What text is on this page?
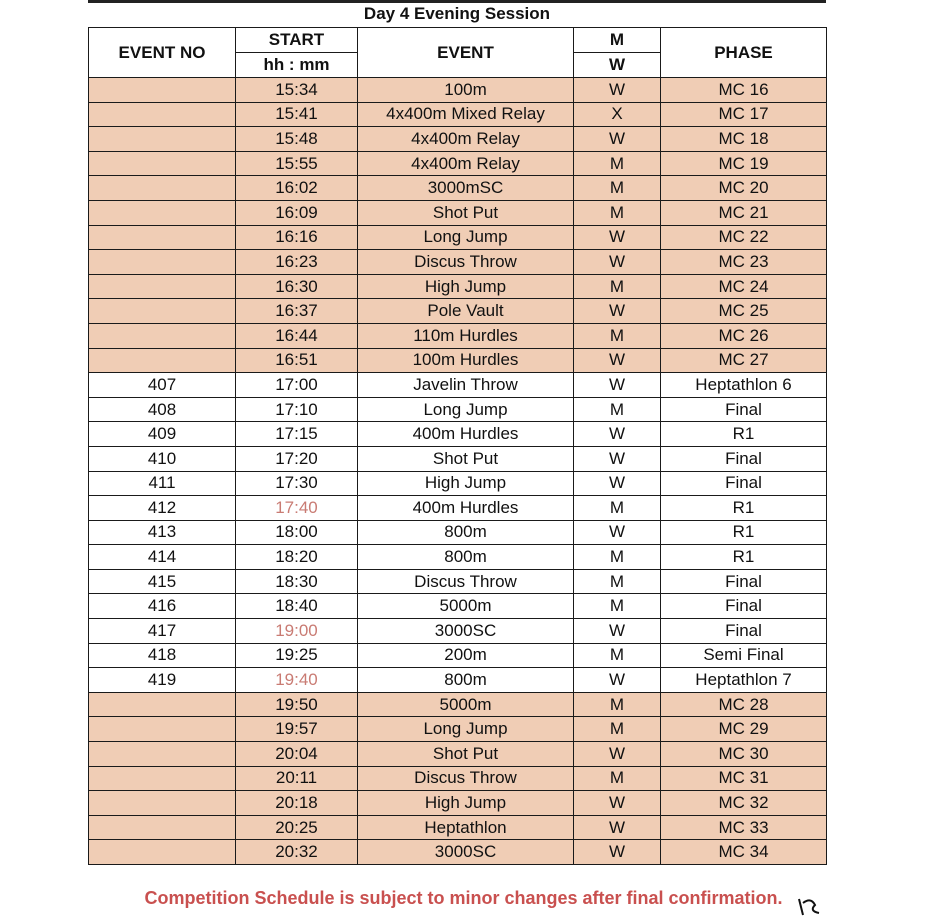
Day 4 Evening Session
EVENT NO	START	EVENT	M	PHASE
	hh : mm		W	
	15:34	100m	W	MC 16
	15:41	4x400m Mixed Relay	X	MC 17
	15:48	4x400m Relay	W	MC 18
	15:55	4x400m Relay	M	MC 19
	16:02	3000mSC	M	MC 20
	16:09	Shot Put	M	MC 21
	16:16	Long Jump	W	MC 22
	16:23	Discus Throw	W	MC 23
	16:30	High Jump	M	MC 24
	16:37	Pole Vault	W	MC 25
	16:44	110m Hurdles	M	MC 26
	16:51	100m Hurdles	W	MC 27
407	17:00	Javelin Throw	W	Heptathlon 6
408	17:10	Long Jump	M	Final
409	17:15	400m Hurdles	W	R1
410	17:20	Shot Put	W	Final
411	17:30	High Jump	W	Final
412	17:40	400m Hurdles	M	R1
413	18:00	800m	W	R1
414	18:20	800m	M	R1
415	18:30	Discus Throw	M	Final
416	18:40	5000m	M	Final
417	19:00	3000SC	W	Final
418	19:25	200m	M	Semi Final
419	19:40	800m	W	Heptathlon 7
	19:50	5000m	M	MC 28
	19:57	Long Jump	M	MC 29
	20:04	Shot Put	W	MC 30
	20:11	Discus Throw	M	MC 31
	20:18	High Jump	W	MC 32
	20:25	Heptathlon	W	MC 33
	20:32	3000SC	W	MC 34
Competition Schedule is subject to minor changes after final confirmation.
